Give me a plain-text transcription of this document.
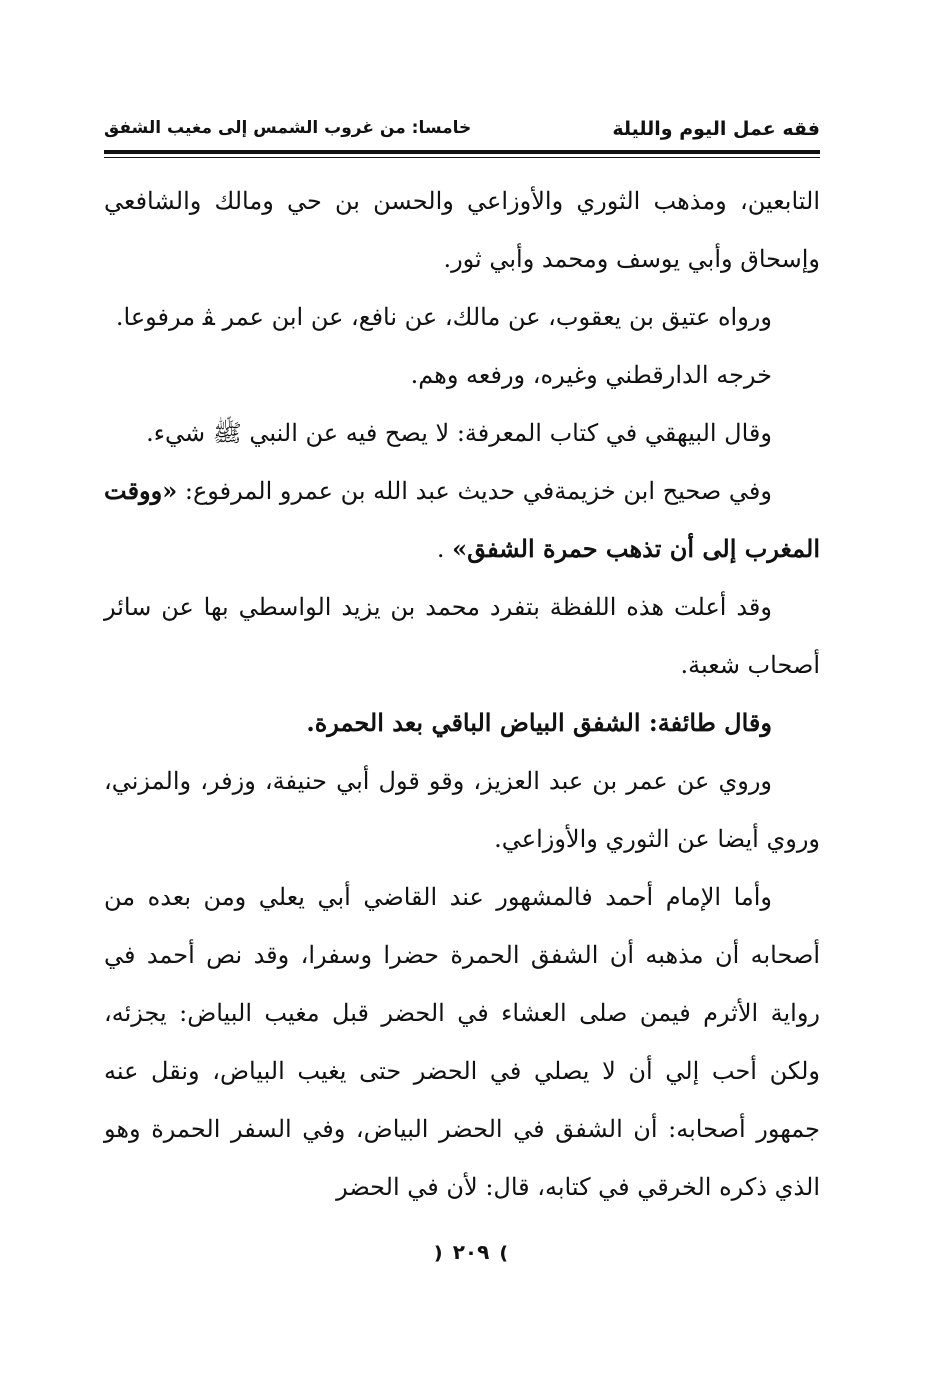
فقه عمل اليوم والليلة
خامسا: من غروب الشمس إلى مغيب الشفق

التابعين، ومذهب الثوري والأوزاعي والحسن بن حي ومالك والشافعي وإسحاق وأبي يوسف ومحمد وأبي ثور.

ورواه عتيق بن يعقوب، عن مالك، عن نافع، عن ابن عمر ﭭ مرفوعا.

خرجه الدارقطني وغيره، ورفعه وهم.

وقال البيهقي في كتاب المعرفة: لا يصح فيه عن النبي ﷺ شيء.

وفي صحيح ابن خزيمةفي حديث عبد الله بن عمرو المرفوع: «ووقت المغرب إلى أن تذهب حمرة الشفق» .

وقد أعلت هذه اللفظة بتفرد محمد بن يزيد الواسطي بها عن سائر أصحاب شعبة.

وقال طائفة: الشفق البياض الباقي بعد الحمرة.

وروي عن عمر بن عبد العزيز، وقو قول أبي حنيفة، وزفر، والمزني، وروي أيضا عن الثوري والأوزاعي.

وأما الإمام أحمد فالمشهور عند القاضي أبي يعلي ومن بعده من أصحابه أن مذهبه أن الشفق الحمرة حضرا وسفرا، وقد نص أحمد في رواية الأثرم فيمن صلى العشاء في الحضر قبل مغيب البياض: يجزئه، ولكن أحب إلي أن لا يصلي في الحضر حتى يغيب البياض، ونقل عنه جمهور أصحابه: أن الشفق في الحضر البياض، وفي السفر الحمرة وهو الذي ذكره الخرقي في كتابه، قال: لأن في الحضر

❫ ٢٠٩ ❪
